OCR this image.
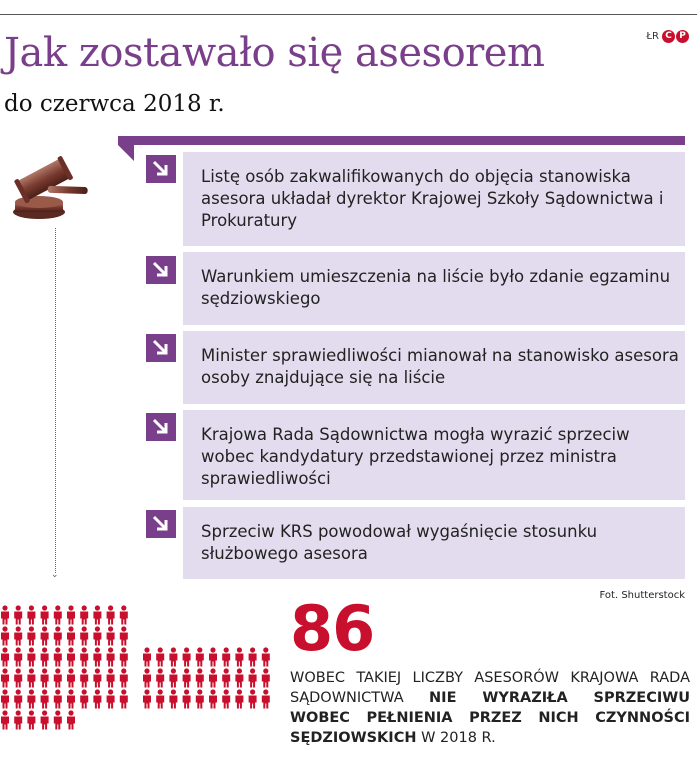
Jak zostawało się asesorem
do czerwca 2018 r.
ŁR C P
⌄
Listę osób zakwalifikowanych do objęcia stanowiska asesora układał dyrektor Krajowej Szkoły Sądownictwa i Prokuratury
Warunkiem umieszczenia na liście było zdanie egzaminu sędziowskiego
Minister sprawiedliwości mianował na stanowisko asesora osoby znajdujące się na liście
Krajowa Rada Sądownictwa mogła wyrazić sprzeciw wobec kandydatury przedstawionej przez ministra sprawiedliwości
Sprzeciw KRS powodował wygaśnięcie stosunku służbowego asesora
Fot. Shutterstock
86
WOBEC TAKIEJ LICZBY ASESORÓW KRAJOWA RADA SĄDOWNICTWA NIE WYRAZIŁA SPRZECIWU WOBEC PEŁNIENIA PRZEZ NICH CZYNNOŚCI SĘDZIOWSKICH W 2018 R.
